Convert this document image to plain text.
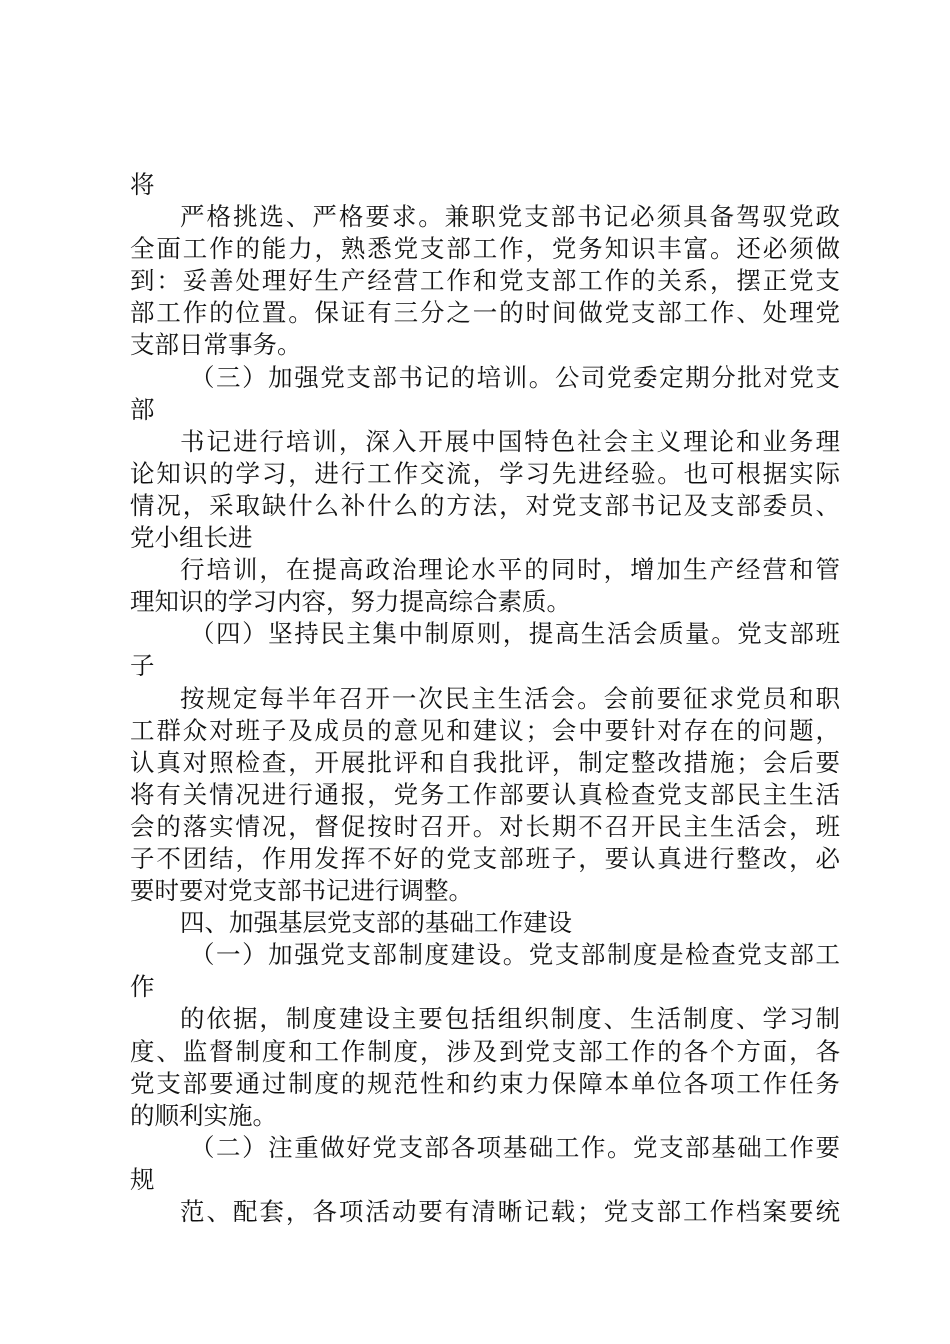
将
严格挑选、严格要求。兼职党支部书记必须具备驾驭党政
全面工作的能力，熟悉党支部工作，党务知识丰富。还必须做
到：妥善处理好生产经营工作和党支部工作的关系，摆正党支
部工作的位置。保证有三分之一的时间做党支部工作、处理党
支部日常事务。
（三）加强党支部书记的培训。公司党委定期分批对党支
部
书记进行培训，深入开展中国特色社会主义理论和业务理
论知识的学习，进行工作交流，学习先进经验。也可根据实际
情况，采取缺什么补什么的方法，对党支部书记及支部委员、
党小组长进
行培训，在提高政治理论水平的同时，增加生产经营和管
理知识的学习内容，努力提高综合素质。
（四）坚持民主集中制原则，提高生活会质量。党支部班
子
按规定每半年召开一次民主生活会。会前要征求党员和职
工群众对班子及成员的意见和建议；会中要针对存在的问题，
认真对照检查，开展批评和自我批评，制定整改措施；会后要
将有关情况进行通报，党务工作部要认真检查党支部民主生活
会的落实情况，督促按时召开。对长期不召开民主生活会，班
子不团结，作用发挥不好的党支部班子，要认真进行整改，必
要时要对党支部书记进行调整。
四、加强基层党支部的基础工作建设
（一）加强党支部制度建设。党支部制度是检查党支部工
作
的依据，制度建设主要包括组织制度、生活制度、学习制
度、监督制度和工作制度，涉及到党支部工作的各个方面，各
党支部要通过制度的规范性和约束力保障本单位各项工作任务
的顺利实施。
（二）注重做好党支部各项基础工作。党支部基础工作要
规
范、配套，各项活动要有清晰记载；党支部工作档案要统
